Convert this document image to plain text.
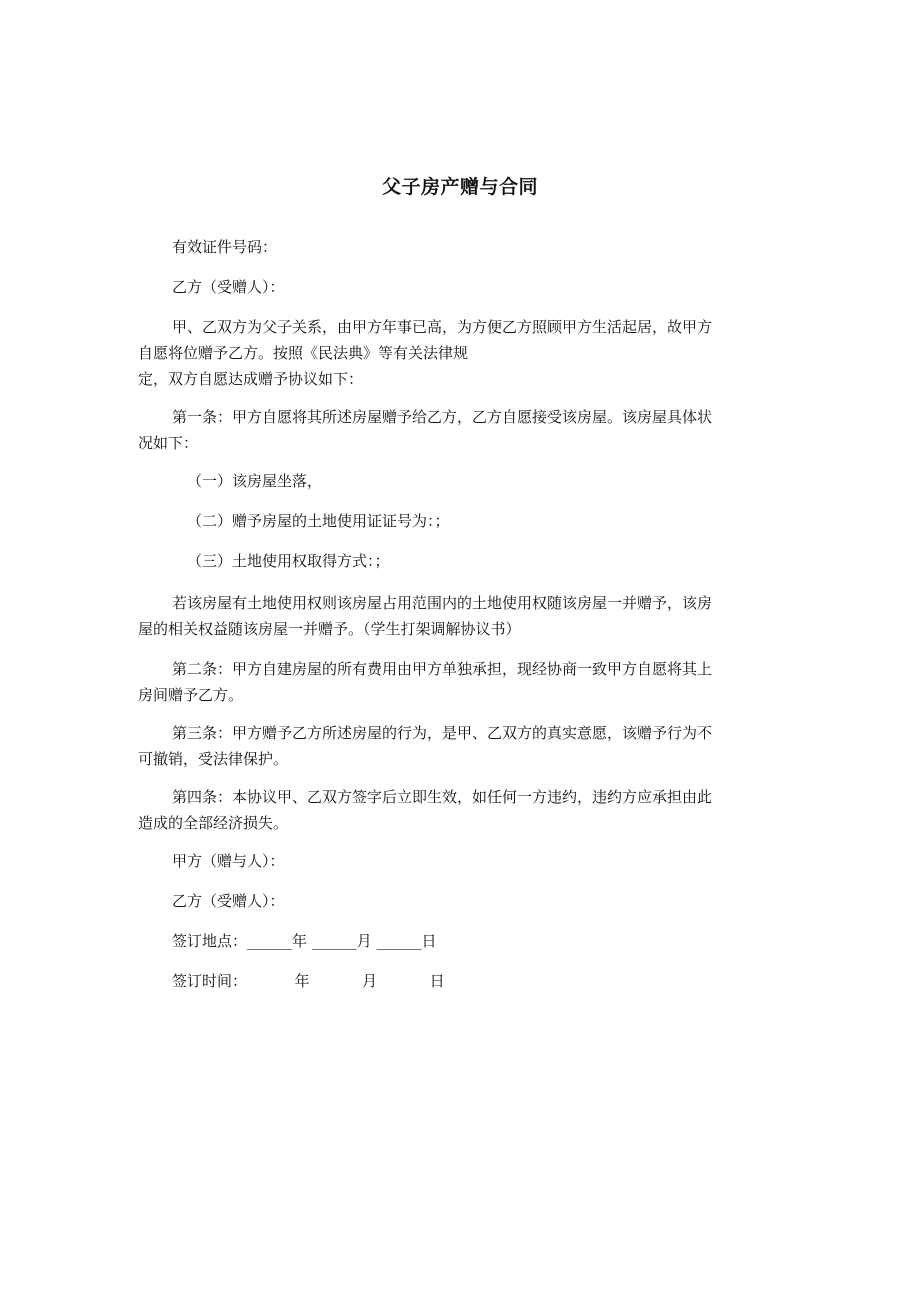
父子房产赠与合同

有效证件号码：

乙方（受赠人）：

甲、乙双方为父子关系，由甲方年事已高，为方便乙方照顾甲方生活起居，故甲方

自愿将位赠予乙方。按照《民法典》等有关法律规

定，双方自愿达成赠予协议如下：

第一条：甲方自愿将其所述房屋赠予给乙方，乙方自愿接受该房屋。该房屋具体状

况如下：

（一）该房屋坐落，

（二）赠予房屋的土地使用证证号为：；

（三）土地使用权取得方式：；

若该房屋有土地使用权则该房屋占用范围内的土地使用权随该房屋一并赠予，该房

屋的相关权益随该房屋一并赠予。（学生打架调解协议书）

第二条：甲方自建房屋的所有费用由甲方单独承担，现经协商一致甲方自愿将其上

房间赠予乙方。

第三条：甲方赠予乙方所述房屋的行为，是甲、乙双方的真实意愿，该赠予行为不

可撤销，受法律保护。

第四条：本协议甲、乙双方签字后立即生效，如任何一方违约，违约方应承担由此

造成的全部经济损失。

甲方（赠与人）：

乙方（受赠人）：

签订地点：______年 ______月 ______日

签订时间：          年           月           日
